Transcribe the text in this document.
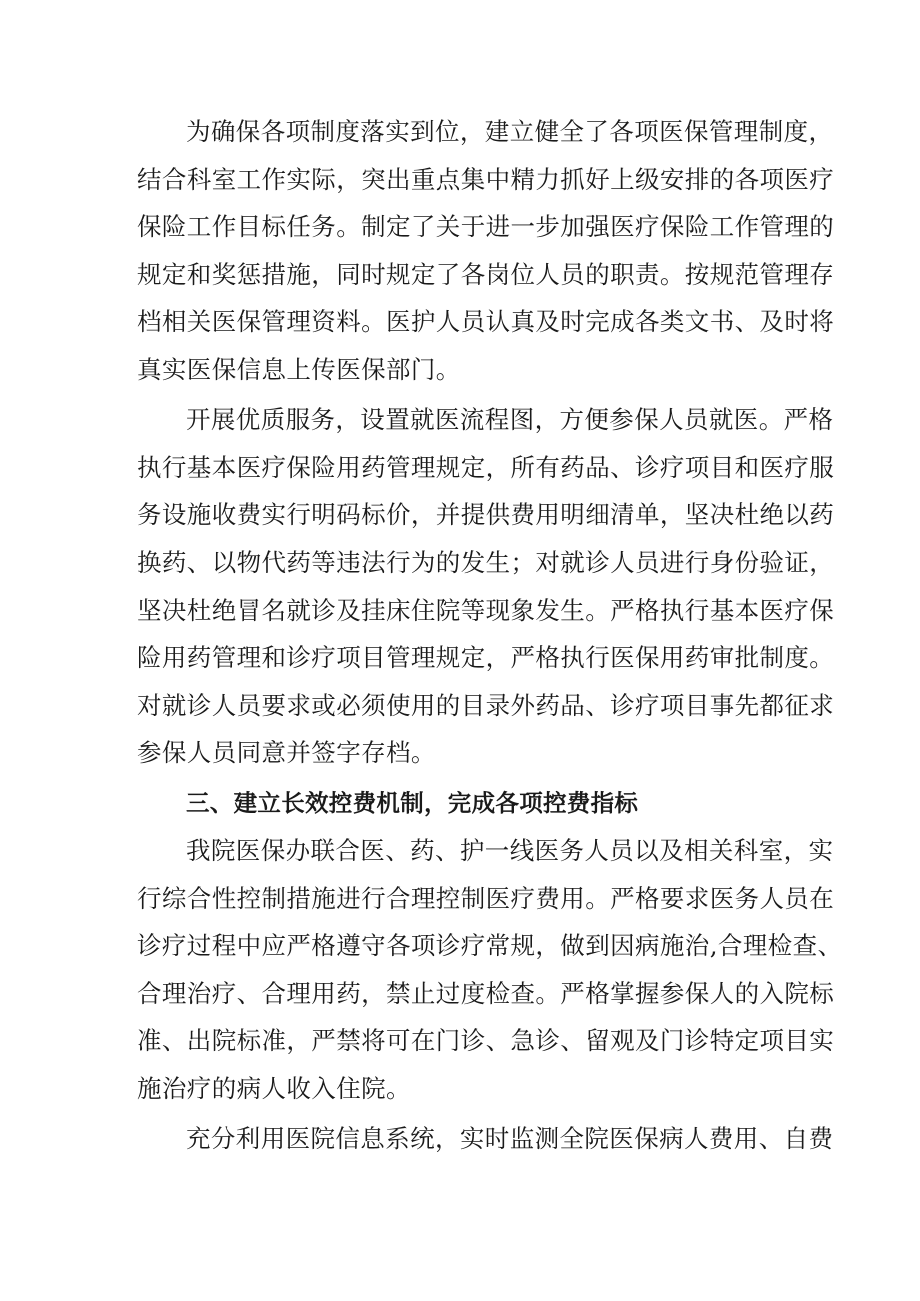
为确保各项制度落实到位，建立健全了各项医保管理制度，
结合科室工作实际，突出重点集中精力抓好上级安排的各项医疗
保险工作目标任务。制定了关于进一步加强医疗保险工作管理的
规定和奖惩措施，同时规定了各岗位人员的职责。按规范管理存
档相关医保管理资料。医护人员认真及时完成各类文书、及时将
真实医保信息上传医保部门。
开展优质服务，设置就医流程图，方便参保人员就医。严格
执行基本医疗保险用药管理规定，所有药品、诊疗项目和医疗服
务设施收费实行明码标价，并提供费用明细清单，坚决杜绝以药
换药、以物代药等违法行为的发生；对就诊人员进行身份验证，
坚决杜绝冒名就诊及挂床住院等现象发生。严格执行基本医疗保
险用药管理和诊疗项目管理规定，严格执行医保用药审批制度。
对就诊人员要求或必须使用的目录外药品、诊疗项目事先都征求
参保人员同意并签字存档。
三、建立长效控费机制，完成各项控费指标
我院医保办联合医、药、护一线医务人员以及相关科室，实
行综合性控制措施进行合理控制医疗费用。严格要求医务人员在
诊疗过程中应严格遵守各项诊疗常规，做到因病施治,合理检查、
合理治疗、合理用药，禁止过度检查。严格掌握参保人的入院标
准、出院标准，严禁将可在门诊、急诊、留观及门诊特定项目实
施治疗的病人收入住院。
充分利用医院信息系统，实时监测全院医保病人费用、自费
